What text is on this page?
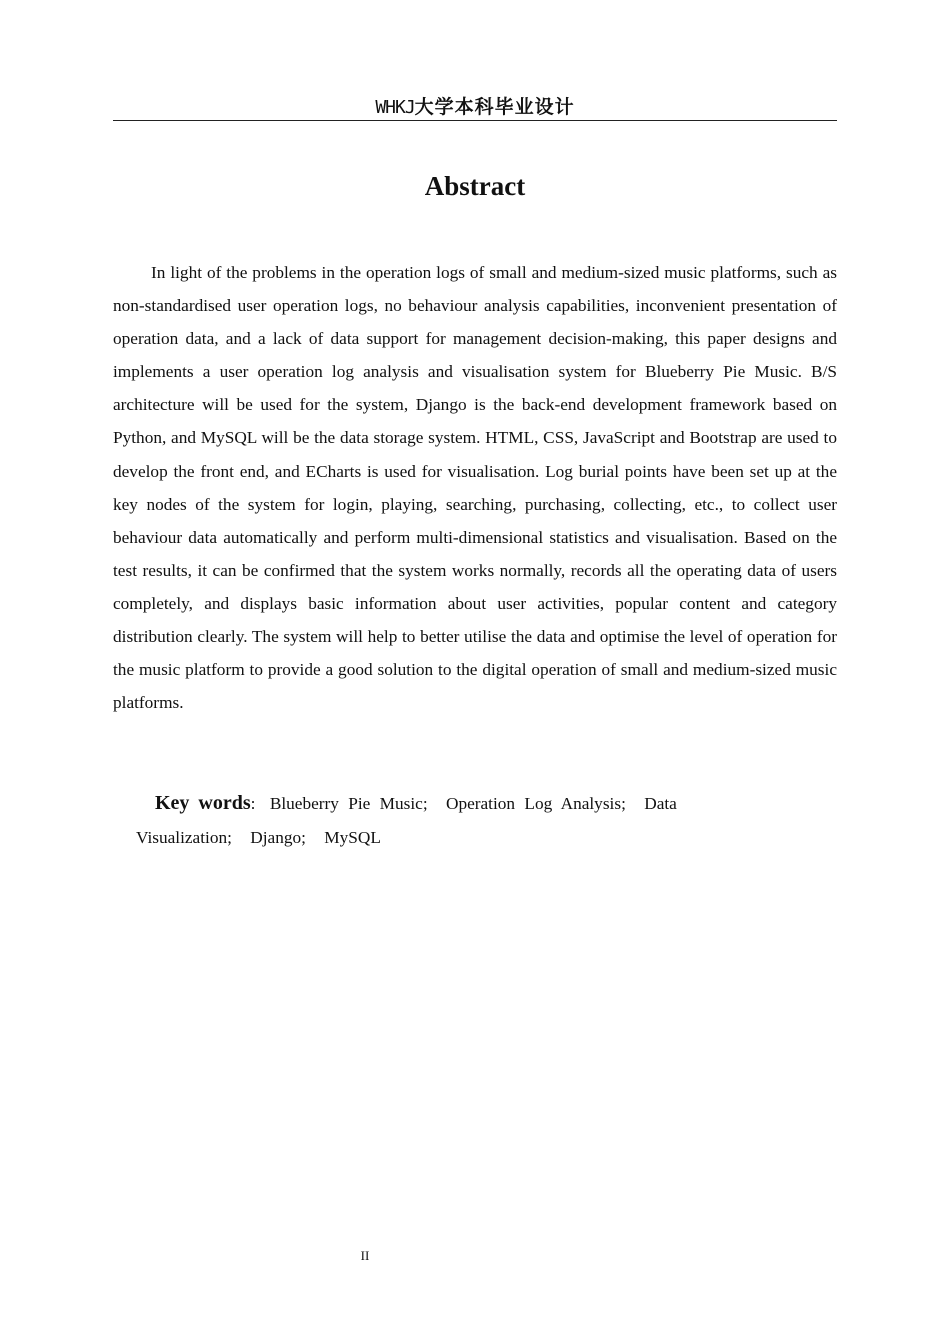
WHKJ大学本科毕业设计
Abstract

In light of the problems in the operation logs of small and medium-sized music platforms, such as non-standardised user operation logs, no behaviour analysis capabilities, inconvenient presentation of operation data, and a lack of data support for management decision-making, this paper designs and implements a user operation log analysis and visualisation system for Blueberry Pie Music. B/S architecture will be used for the system, Django is the back-end development framework based on Python, and MySQL will be the data storage system. HTML, CSS, JavaScript and Bootstrap are used to develop the front end, and ECharts is used for visualisation. Log burial points have been set up at the key nodes of the system for login, playing, searching, purchasing, collecting, etc., to collect user behaviour data automatically and perform multi-dimensional statistics and visualisation. Based on the test results, it can be confirmed that the system works normally, records all the operating data of users completely, and displays basic information about user activities, popular content and category distribution clearly. The system will help to better utilise the data and optimise the level of operation for the music platform to provide a good solution to the digital operation of small and medium-sized music platforms.

Key words: Blueberry Pie Music; Operation Log Analysis; Data Visualization; Django; MySQL

II
